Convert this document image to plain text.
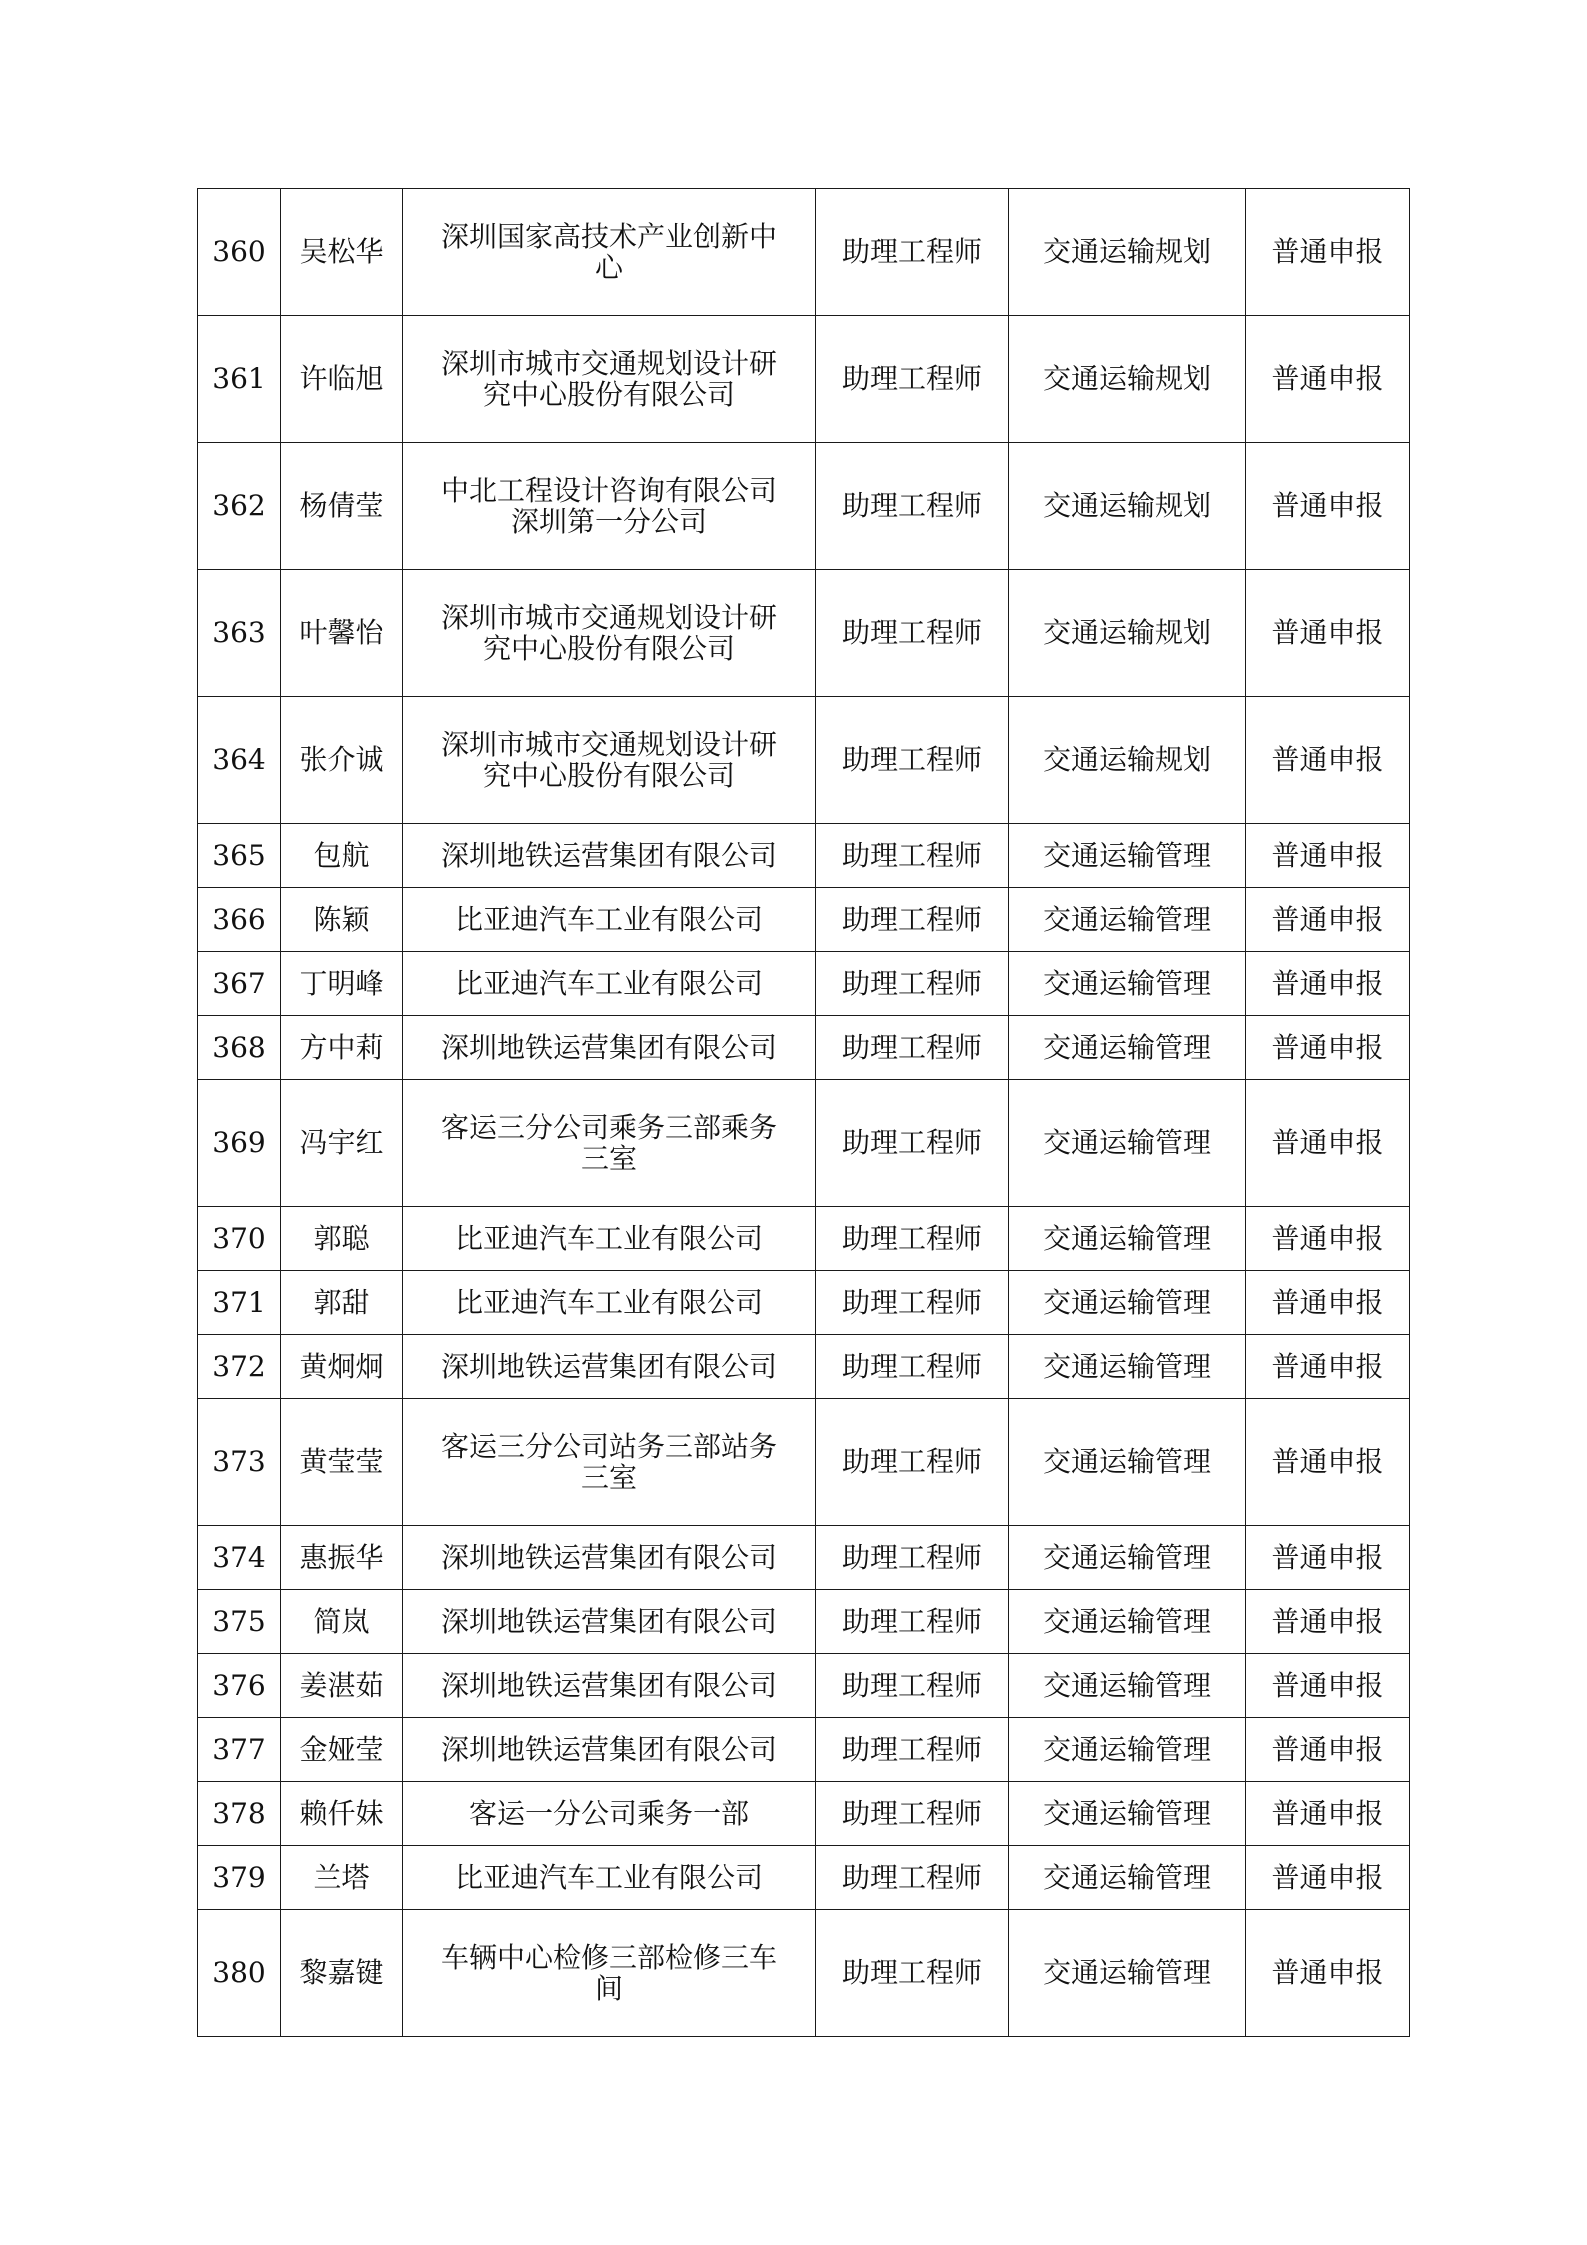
360	吴松华	深圳国家高技术产业创新中心	助理工程师	交通运输规划	普通申报
361	许临旭	深圳市城市交通规划设计研究中心股份有限公司	助理工程师	交通运输规划	普通申报
362	杨倩莹	中北工程设计咨询有限公司深圳第一分公司	助理工程师	交通运输规划	普通申报
363	叶馨怡	深圳市城市交通规划设计研究中心股份有限公司	助理工程师	交通运输规划	普通申报
364	张介诚	深圳市城市交通规划设计研究中心股份有限公司	助理工程师	交通运输规划	普通申报
365	包航	深圳地铁运营集团有限公司	助理工程师	交通运输管理	普通申报
366	陈颖	比亚迪汽车工业有限公司	助理工程师	交通运输管理	普通申报
367	丁明峰	比亚迪汽车工业有限公司	助理工程师	交通运输管理	普通申报
368	方中莉	深圳地铁运营集团有限公司	助理工程师	交通运输管理	普通申报
369	冯宇红	客运三分公司乘务三部乘务三室	助理工程师	交通运输管理	普通申报
370	郭聪	比亚迪汽车工业有限公司	助理工程师	交通运输管理	普通申报
371	郭甜	比亚迪汽车工业有限公司	助理工程师	交通运输管理	普通申报
372	黄炯炯	深圳地铁运营集团有限公司	助理工程师	交通运输管理	普通申报
373	黄莹莹	客运三分公司站务三部站务三室	助理工程师	交通运输管理	普通申报
374	惠振华	深圳地铁运营集团有限公司	助理工程师	交通运输管理	普通申报
375	简岚	深圳地铁运营集团有限公司	助理工程师	交通运输管理	普通申报
376	姜湛茹	深圳地铁运营集团有限公司	助理工程师	交通运输管理	普通申报
377	金娅莹	深圳地铁运营集团有限公司	助理工程师	交通运输管理	普通申报
378	赖仟妹	客运一分公司乘务一部	助理工程师	交通运输管理	普通申报
379	兰塔	比亚迪汽车工业有限公司	助理工程师	交通运输管理	普通申报
380	黎嘉键	车辆中心检修三部检修三车间	助理工程师	交通运输管理	普通申报
